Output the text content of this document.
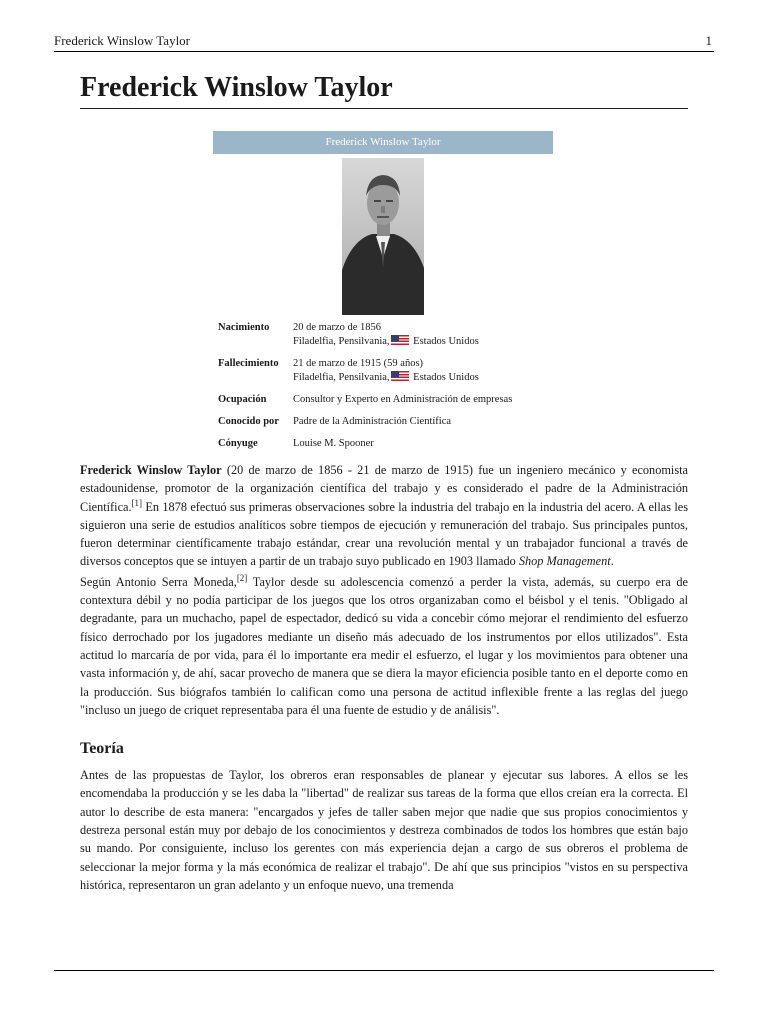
Frederick Winslow Taylor	1
Frederick Winslow Taylor
Frederick Winslow Taylor
Nacimiento 20 de marzo de 1856
Filadelfia, Pensilvania, Estados Unidos
Fallecimiento 21 de marzo de 1915 (59 años)
Filadelfia, Pensilvania, Estados Unidos
Ocupación	Consultor y Experto en Administración de empresas
Conocido por Padre de la Administración Científica
Cónyuge	Louise M. Spooner

Frederick Winslow Taylor (20 de marzo de 1856 - 21 de marzo de 1915) fue un ingeniero mecánico y economista estadounidense, promotor de la organización científica del trabajo y es considerado el padre de la Administración Científica.[1] En 1878 efectuó sus primeras observaciones sobre la industria del trabajo en la industria del acero. A ellas les siguieron una serie de estudios analíticos sobre tiempos de ejecución y remuneración del trabajo. Sus principales puntos, fueron determinar científicamente trabajo estándar, crear una revolución mental y un trabajador funcional a través de diversos conceptos que se intuyen a partir de un trabajo suyo publicado en 1903 llamado Shop Management.

Según Antonio Serra Moneda,[2] Taylor desde su adolescencia comenzó a perder la vista, además, su cuerpo era de contextura débil y no podía participar de los juegos que los otros organizaban como el béisbol y el tenis. "Obligado al degradante, para un muchacho, papel de espectador, dedicó su vida a concebir cómo mejorar el rendimiento del esfuerzo físico derrochado por los jugadores mediante un diseño más adecuado de los instrumentos por ellos utilizados". Esta actitud lo marcaría de por vida, para él lo importante era medir el esfuerzo, el lugar y los movimientos para obtener una vasta información y, de ahí, sacar provecho de manera que se diera la mayor eficiencia posible tanto en el deporte como en la producción. Sus biógrafos también lo califican como una persona de actitud inflexible frente a las reglas del juego "incluso un juego de criquet representaba para él una fuente de estudio y de análisis".

Teoría

Antes de las propuestas de Taylor, los obreros eran responsables de planear y ejecutar sus labores. A ellos se les encomendaba la producción y se les daba la "libertad" de realizar sus tareas de la forma que ellos creían era la correcta. El autor lo describe de esta manera: "encargados y jefes de taller saben mejor que nadie que sus propios conocimientos y destreza personal están muy por debajo de los conocimientos y destreza combinados de todos los hombres que están bajo su mando. Por consiguiente, incluso los gerentes con más experiencia dejan a cargo de sus obreros el problema de seleccionar la mejor forma y la más económica de realizar el trabajo". De ahí que sus principios "vistos en su perspectiva histórica, representaron un gran adelanto y un enfoque nuevo, una tremenda
